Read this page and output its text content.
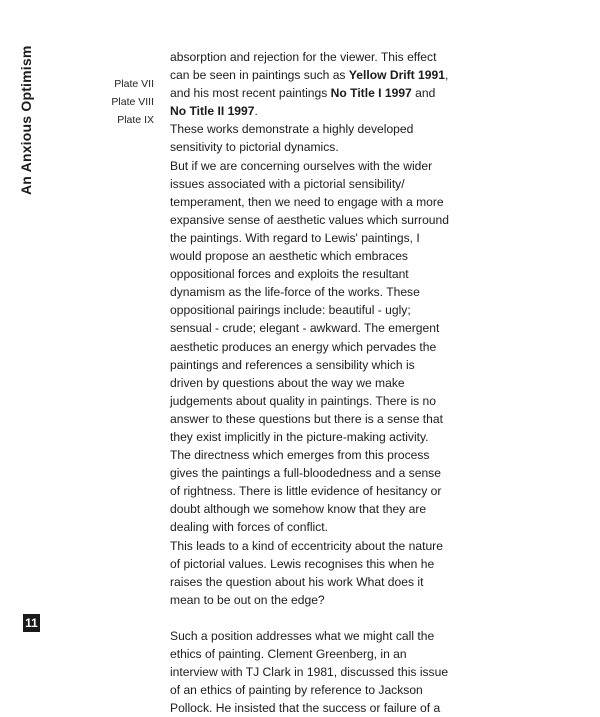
An Anxious Optimism	Plate VII
Plate VIII
Plate IX

absorption and rejection for the viewer. This effect can be seen in paintings such as Yellow Drift 1991, and his most recent paintings No Title I 1997 and No Title II 1997.

These works demonstrate a highly developed sensitivity to pictorial dynamics.

But if we are concerning ourselves with the wider issues associated with a pictorial sensibility/ temperament, then we need to engage with a more expansive sense of aesthetic values which surround the paintings. With regard to Lewis' paintings, I would propose an aesthetic which embraces oppositional forces and exploits the resultant dynamism as the life-force of the works. These oppositional pairings include: beautiful - ugly; sensual - crude; elegant - awkward. The emergent aesthetic produces an energy which pervades the paintings and references a sensibility which is driven by questions about the way we make judgements about quality in paintings. There is no answer to these questions but there is a sense that they exist implicitly in the picture-making activity.

The directness which emerges from this process gives the paintings a full-bloodedness and a sense of rightness. There is little evidence of hesitancy or doubt although we somehow know that they are dealing with forces of conflict.

This leads to a kind of eccentricity about the nature of pictorial values. Lewis recognises this when he raises the question about his work What does it mean to be out on the edge?

Such a position addresses what we might call the ethics of painting. Clement Greenberg, in an interview with TJ Clark in 1981, discussed this issue of an ethics of painting by reference to Jackson Pollock. He insisted that the success or failure of a

11
